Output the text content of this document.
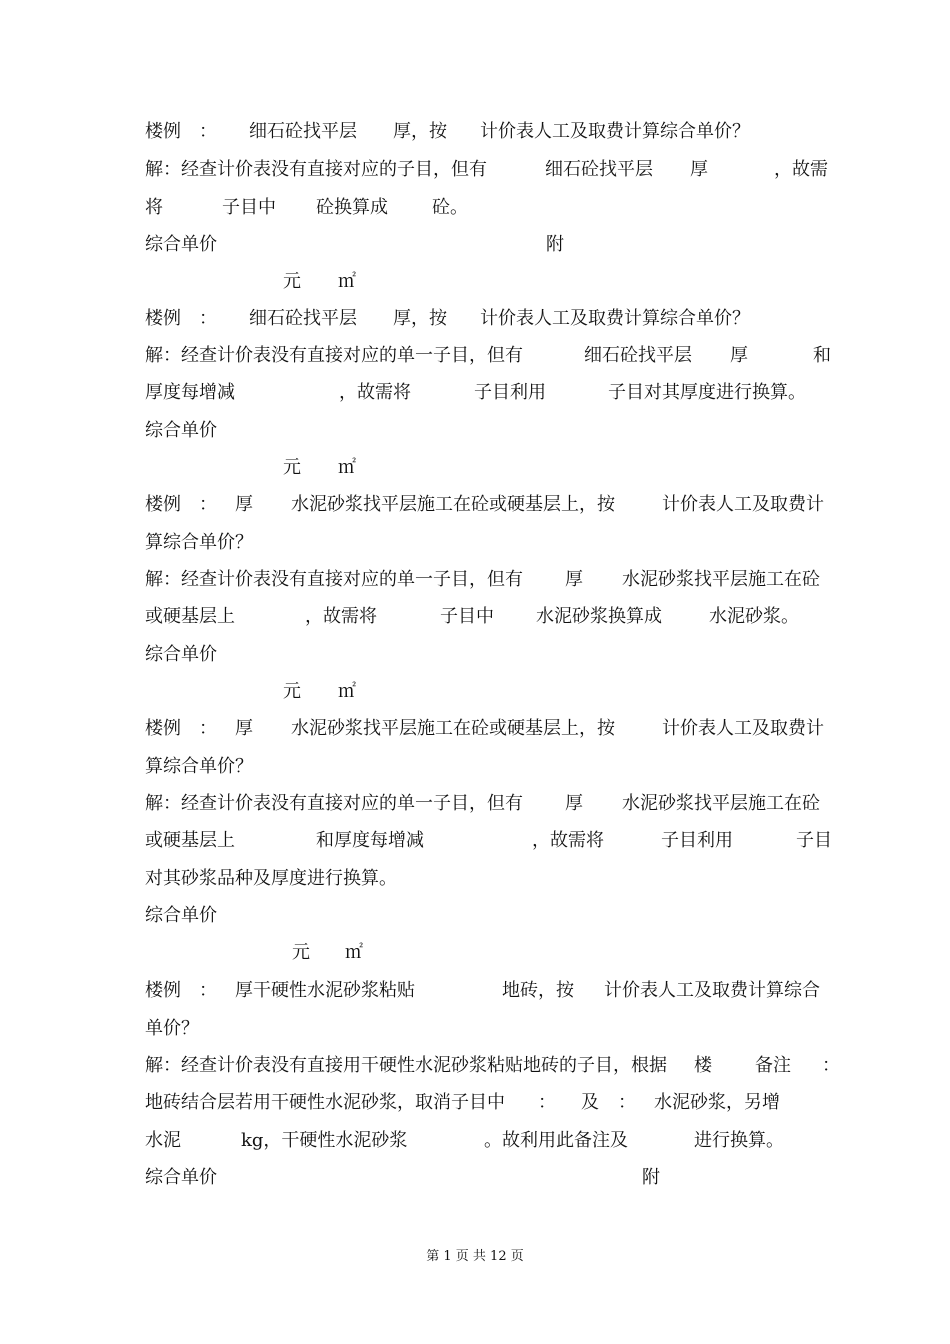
楼例 ： 细石砼找平层 厚，按 计价表人工及取费计算综合单价？
解：经查计价表没有直接对应的子目，但有	细石砼找平层 厚	，故需
将	子目中 砼换算成 砼。
综合单价	附
元 ㎡
楼例 ： 细石砼找平层 厚，按 计价表人工及取费计算综合单价？
解：经查计价表没有直接对应的单一子目，但有	细石砼找平层 厚	和
厚度每增减	，故需将	子目利用	子目对其厚度进行换算。
综合单价
元 ㎡
楼例 ： 厚 水泥砂浆找平层施工在砼或硬基层上，按	计价表人工及取费计
算综合单价？
解：经查计价表没有直接对应的单一子目，但有 厚 水泥砂浆找平层施工在砼
或硬基层上	，故需将	子目中 水泥砂浆换算成	水泥砂浆。
综合单价
元 ㎡
楼例 ： 厚 水泥砂浆找平层施工在砼或硬基层上，按	计价表人工及取费计
算综合单价？
解：经查计价表没有直接对应的单一子目，但有 厚 水泥砂浆找平层施工在砼
或硬基层上	和厚度每增减	，故需将	子目利用	子目
对其砂浆品种及厚度进行换算。
综合单价
元 ㎡
楼例 ： 厚干硬性水泥砂浆粘贴	地砖，按 计价表人工及取费计算综合
单价？
解：经查计价表没有直接用干硬性水泥砂浆粘贴地砖的子目，根据 楼 备注 ：
地砖结合层若用干硬性水泥砂浆，取消子目中 ： 及 ： 水泥砂浆，另增
水泥	kg，干硬性水泥砂浆	。故利用此备注及	进行换算。
综合单价	附
第 1 页 共 12 页
